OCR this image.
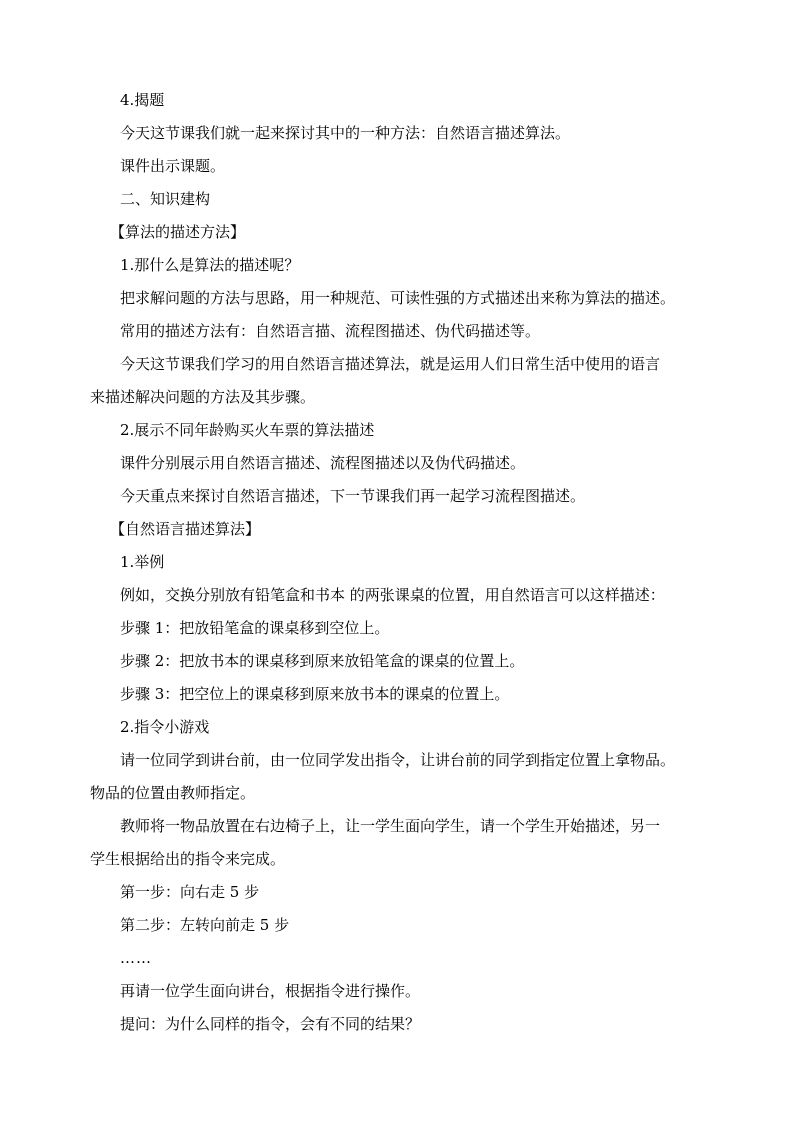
4.揭题

今天这节课我们就一起来探讨其中的一种方法：自然语言描述算法。

课件出示课题。

二、知识建构

【算法的描述方法】

1.那什么是算法的描述呢？

把求解问题的方法与思路，用一种规范、可读性强的方式描述出来称为算法的描述。

常用的描述方法有：自然语言描、流程图描述、伪代码描述等。

今天这节课我们学习的用自然语言描述算法，就是运用人们日常生活中使用的语言

来描述解决问题的方法及其步骤。

2.展示不同年龄购买火车票的算法描述

课件分别展示用自然语言描述、流程图描述以及伪代码描述。

今天重点来探讨自然语言描述，下一节课我们再一起学习流程图描述。

【自然语言描述算法】

1.举例

例如，交换分别放有铅笔盒和书本 的两张课桌的位置，用自然语言可以这样描述：

步骤 1：把放铅笔盒的课桌移到空位上。

步骤 2：把放书本的课桌移到原来放铅笔盒的课桌的位置上。

步骤 3：把空位上的课桌移到原来放书本的课桌的位置上。

2.指令小游戏

请一位同学到讲台前，由一位同学发出指令，让讲台前的同学到指定位置上拿物品。

物品的位置由教师指定。

教师将一物品放置在右边椅子上，让一学生面向学生，请一个学生开始描述，另一

学生根据给出的指令来完成。

第一步：向右走 5 步

第二步：左转向前走 5 步

……

再请一位学生面向讲台，根据指令进行操作。

提问：为什么同样的指令，会有不同的结果？
